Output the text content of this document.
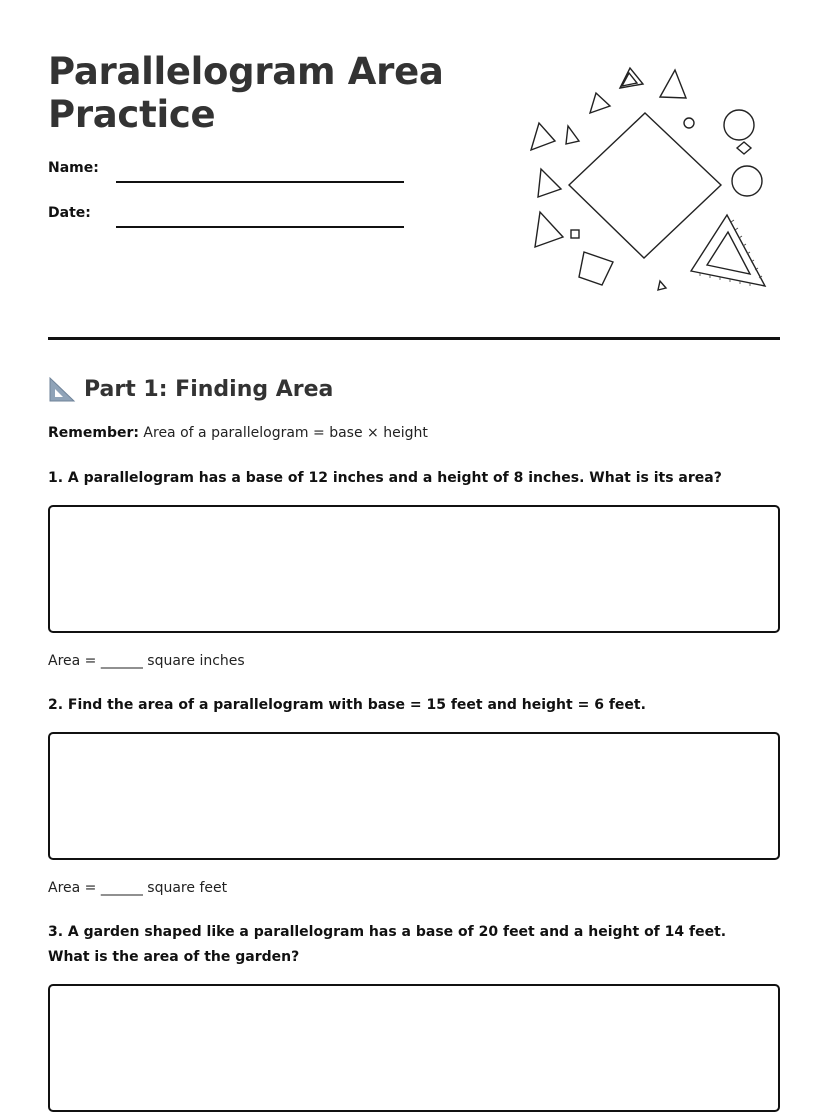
Parallelogram Area
Practice
Name:
Date:
Part 1: Finding Area
Remember: Area of a parallelogram = base × height
1. A parallelogram has a base of 12 inches and a height of 8 inches. What is its area?
Area = ______ square inches
2. Find the area of a parallelogram with base = 15 feet and height = 6 feet.
Area = ______ square feet
3. A garden shaped like a parallelogram has a base of 20 feet and a height of 14 feet. What is the area of the garden?
